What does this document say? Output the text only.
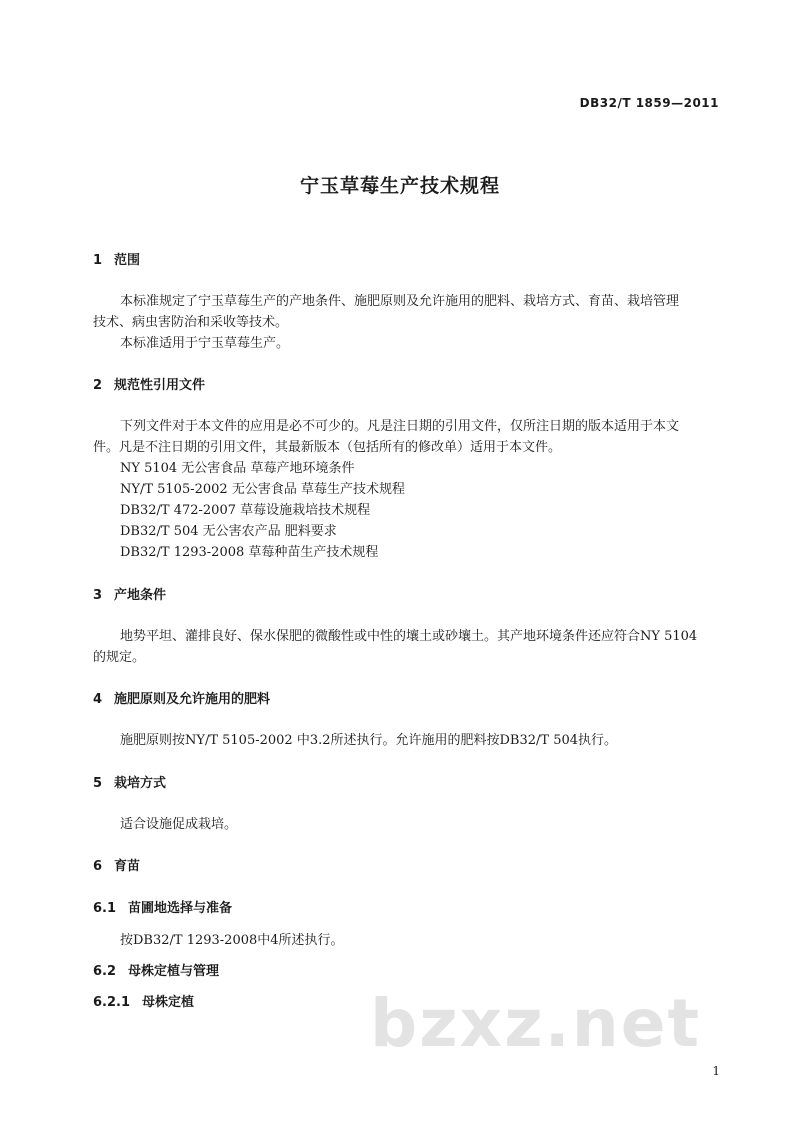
DB32/T 1859—2011
宁玉草莓生产技术规程
1 范围
本标准规定了宁玉草莓生产的产地条件、施肥原则及允许施用的肥料、栽培方式、育苗、栽培管理
技术、病虫害防治和采收等技术。
本标准适用于宁玉草莓生产。
2 规范性引用文件
下列文件对于本文件的应用是必不可少的。凡是注日期的引用文件，仅所注日期的版本适用于本文
件。凡是不注日期的引用文件，其最新版本（包括所有的修改单）适用于本文件。
NY 5104 无公害食品 草莓产地环境条件
NY/T 5105-2002 无公害食品 草莓生产技术规程
DB32/T 472-2007 草莓设施栽培技术规程
DB32/T 504 无公害农产品 肥料要求
DB32/T 1293-2008 草莓种苗生产技术规程
3 产地条件
地势平坦、灌排良好、保水保肥的微酸性或中性的壤土或砂壤土。其产地环境条件还应符合NY 5104
的规定。
4 施肥原则及允许施用的肥料
施肥原则按NY/T 5105-2002 中3.2所述执行。允许施用的肥料按DB32/T 504执行。
5 栽培方式
适合设施促成栽培。
6 育苗
6.1 苗圃地选择与准备
按DB32/T 1293-2008中4所述执行。
6.2 母株定植与管理
6.2.1 母株定植	bzxz.net
1
